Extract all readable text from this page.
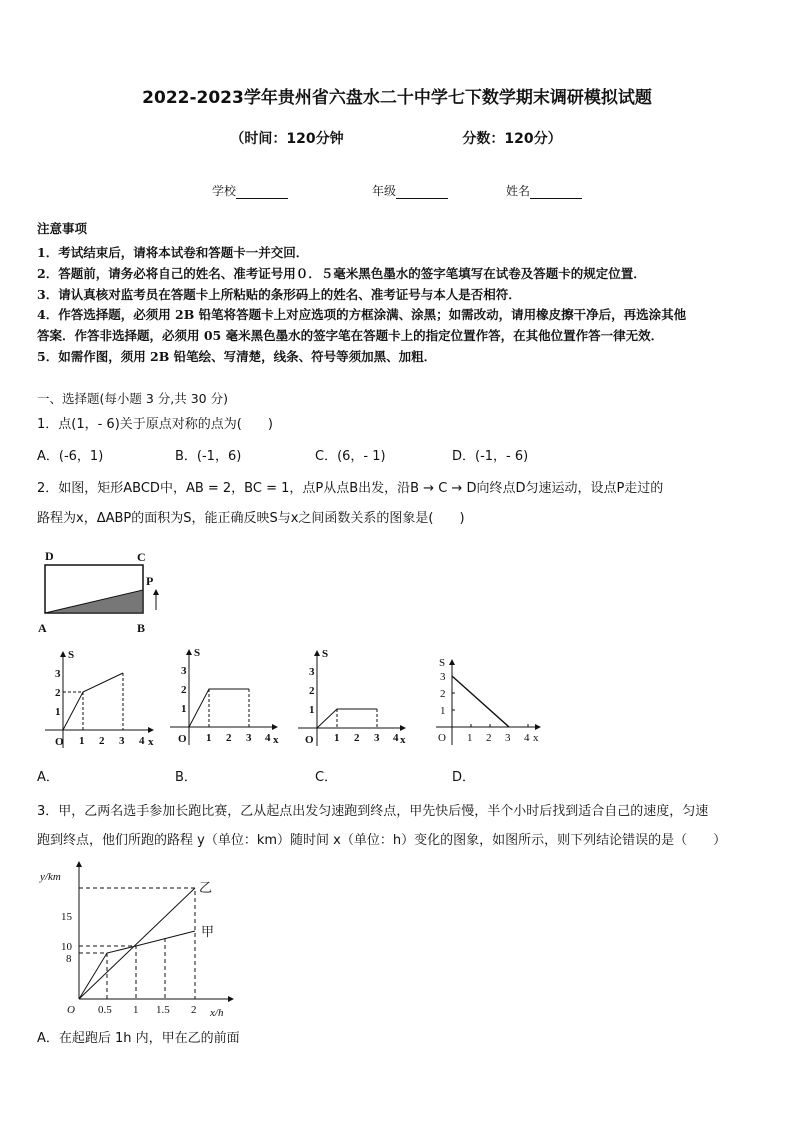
2022-2023学年贵州省六盘水二十中学七下数学期末调研模拟试题
（时间：120分钟	分数：120分）
学校	年级	姓名
注意事项
1．考试结束后，请将本试卷和答题卡一并交回．
2．答题前，请务必将自己的姓名、准考证号用０．５毫米黑色墨水的签字笔填写在试卷及答题卡的规定位置．
3．请认真核对监考员在答题卡上所粘贴的条形码上的姓名、准考证号与本人是否相符．
4．作答选择题，必须用 2B 铅笔将答题卡上对应选项的方框涂满、涂黑；如需改动，请用橡皮擦干净后，再选涂其他
答案．作答非选择题，必须用 05 毫米黑色墨水的签字笔在答题卡上的指定位置作答，在其他位置作答一律无效．
5．如需作图，须用 2B 铅笔绘、写清楚，线条、符号等须加黑、加粗．
一、选择题(每小题 3 分,共 30 分)
1．点(1，- 6)关于原点对称的点为(　　)
A．(-6，1)	B．(-1，6)	C．(6，- 1)	D．(-1，- 6)
2．如图，矩形ABCD中，AB = 2，BC = 1，点P从点B出发，沿B → C → D向终点D匀速运动，设点P走过的
路程为x，ΔABP的面积为S，能正确反映S与x之间函数关系的图象是(　　)
A．	B．	C．	D．
3．甲，乙两名选手参加长跑比赛，乙从起点出发匀速跑到终点，甲先快后慢，半个小时后找到适合自己的速度，匀速
跑到终点，他们所跑的路程 y（单位：km）随时间 x（单位：h）变化的图象，如图所示，则下列结论错误的是（　　）
A．在起跑后 1h 内，甲在乙的前面
D	C
P
A	B
S
O 1 2 3 4 x
1
2
3
S
O 1 2 3 4 x
1
2
3
S
O 1 2 3 4 x
1
2
3
S
O 1 2 3 4 x
1
2
3
y/km
x/h
O
15
10
8
0.5 1 1.5 2
乙
甲
